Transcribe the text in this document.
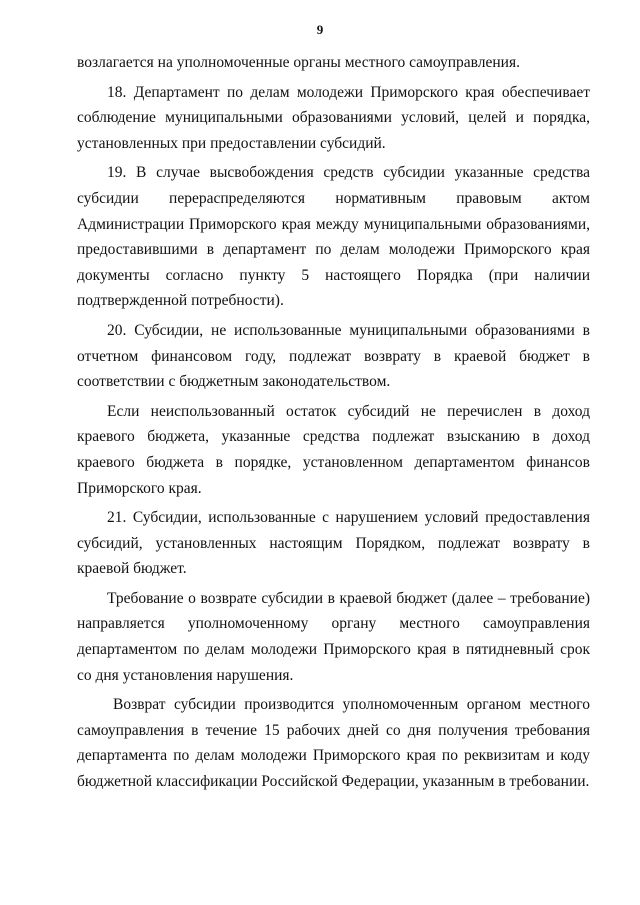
9

возлагается на уполномоченные органы местного самоуправления.

18. Департамент по делам молодежи Приморского края обеспечивает соблюдение муниципальными образованиями условий, целей и порядка, установленных при предоставлении субсидий.

19. В случае высвобождения средств субсидии указанные средства субсидии перераспределяются нормативным правовым актом Администрации Приморского края между муниципальными образованиями, предоставившими в департамент по делам молодежи Приморского края документы согласно пункту 5 настоящего Порядка (при наличии подтвержденной потребности).

20. Субсидии, не использованные муниципальными образованиями в отчетном финансовом году, подлежат возврату в краевой бюджет в соответствии с бюджетным законодательством.

Если неиспользованный остаток субсидий не перечислен в доход краевого бюджета, указанные средства подлежат взысканию в доход краевого бюджета в порядке, установленном департаментом финансов Приморского края.

21. Субсидии, использованные с нарушением условий предоставления субсидий, установленных настоящим Порядком, подлежат возврату в краевой бюджет.

Требование о возврате субсидии в краевой бюджет (далее – требование) направляется уполномоченному органу местного самоуправления департаментом по делам молодежи Приморского края в пятидневный срок со дня установления нарушения.

Возврат субсидии производится уполномоченным органом местного самоуправления в течение 15 рабочих дней со дня получения требования департамента по делам молодежи Приморского края по реквизитам и коду бюджетной классификации Российской Федерации, указанным в требовании.
